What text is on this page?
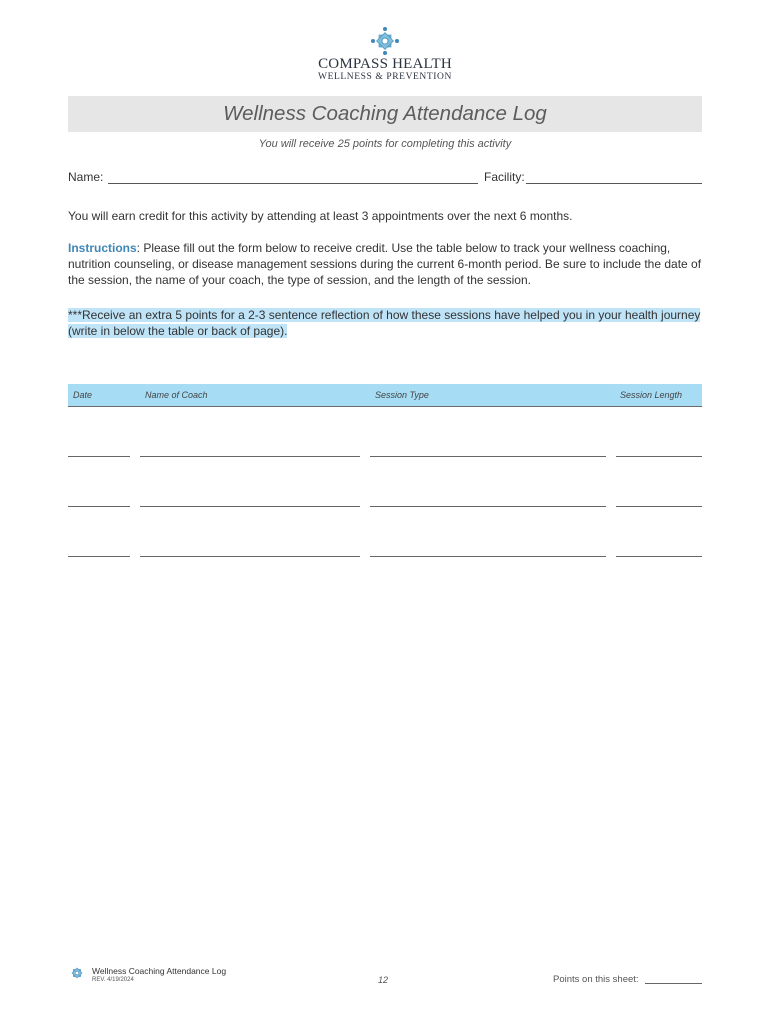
COMPASS HEALTH
WELLNESS & PREVENTION
Wellness Coaching Attendance Log
You will receive 25 points for completing this activity
Name:	Facility:
You will earn credit for this activity by attending at least 3 appointments over the next 6 months.
Instructions: Please fill out the form below to receive credit. Use the table below to track your wellness coaching, nutrition counseling, or disease management sessions during the current 6-month period. Be sure to include the date of the session, the name of your coach, the type of session, and the length of the session.
***Receive an extra 5 points for a 2-3 sentence reflection of how these sessions have helped you in your health journey (write in below the table or back of page).
Date	Name of Coach	Session Type	Session Length
Wellness Coaching Attendance Log
REV. 4/19/2024	12	Points on this sheet:
